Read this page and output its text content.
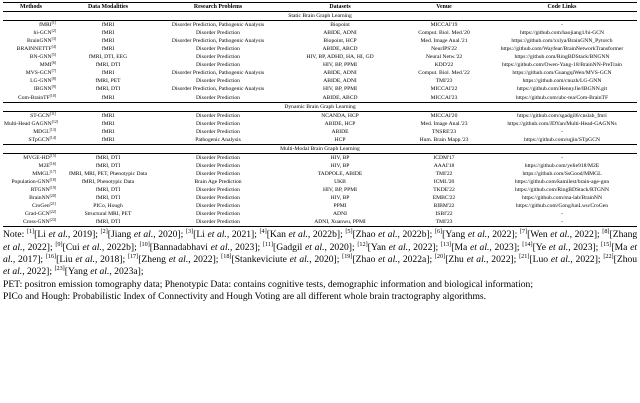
Methods	Data Modalities	Research Problems	Datasets	Venue	Code Links
Static Brain Graph Learning					
fMRI[1]	fMRI	Disorder Prediction, Pathogenic Analysis	Biopoint	MICCAI'19	-
hi-GCN[2]	fMRI	Disorder Prediction	ABIDE, ADNI	Comput. Biol. Med.'20	https://github.com/haojiang1/hi-GCN
BrainGNN[3]	fMRI	Disorder Prediction, Pathogenic Analysis	Biopoint, HCP	Med. Image Anal.'21	https://github.com/xxlya/BrainGNN_Pytorch
BRAINNETTF[4]	fMRI	Disorder Prediction	ABIDE, ABCD	NeurIPS'22	https://github.com/Wayfear/BrainNetworkTransformer
BN-GNN[5]	fMRI, DTI, EEG	Disorder Prediction	HIV, BP, ADHD, HA, HI, GD	Neural Netw.'22	https://github.com/RingBDStack/BNGNN
MMI[6]	fMRI, DTI	Disorder Prediction	HIV, BP, PPMI	KDD'22	https://github.com/Owen-Yang-18/BrainNN-PreTrain
MVS-GCN[7]	fMRI	Disorder Prediction, Pathogenic Analysis	ABIDE, ADNI	Comput. Biol. Med.'22	https://github.com/GuangqiWen/MVS-GCN
LG-GNN[8]	fMRI, PET	Disorder Prediction	ABIDE, ADNI	TMI'23	https://github.com/cnuzh/LG-GNN
IBGNN[9]	fMRI, DTI	Disorder Prediction, Pathogenic Analysis	HIV, BP, PPMI	MICCAI'22	https://github.com/HennyJie/IBGNN.git
Com-BrainTF[10]	fMRI	Disorder Prediction	ABIDE, ABCD	MICCAI'23	https://github.com/ubc-tea/Com-BrainTF
Dynamic Brain Graph Learning					
ST-GCN[11]	fMRI	Disorder Prediction	NCANDA, HCP	MICCAI'20	https://github.com/sgadgil6/cnslab_fmri
Multi-Head GAGNN[12]	fMRI	Disorder Prediction	ABIDE, HCP	Med. Image Anal.'23	https://github.com/JDYan/Multi-Head-GAGNNs
MDGL[13]	fMRI	Disorder Prediction	ABIDE	TNSRE'23	-
STpGCN[14]	fMRI	Pathogenic Analysis	HCP	Hum. Brain Mapp.'23	https://github.com/sqjin/STpGCN
Multi-Modal Brain Graph Learning					
MVGE-HD[15]	fMRI, DTI	Disorder Prediction	HIV, BP	ICDM'17	-
M2E[16]	fMRI, DTI	Disorder Prediction	HIV, BP	AAAI'18	https://github.com/yelie918/M2E
MMGL[17]	fMRI, MRI, PET, Phenotypic Data	Disorder Prediction	TADPOLE, ABIDE	TMI'22	https://github.com/SsGood/MMGL
Population-GNN[18]	fMRI, Phenotypic Data	Brain Age Prediction	UKB	ICML'20	https://github.com/kamilest/brain-age-gnn
RTGNN[19]	fMRI, DTI	Disorder Prediction	HIV, BP, PPMI	TKDE'22	https://github.com/RingBDStack/RTGNN
BrainNN[20]	fMRI, DTI	Disorder Prediction	HIV, BP	EMBC'22	https://github.com/ma-lab/BrainNN
CroGen[21]	PICo, Hough	Disorder Prediction	PPMI	BIBM'22	https://github.com/GongJunLwu/CroGen
Grad-GCN[22]	Structural MRI, PET	Disorder Prediction	ADNI	ISBI'22	-
Cross-GNN[23]	fMRI, DTI	Disorder Prediction	ADNI, Xuanwu, PPMI	TMI'23	-

Note: [1][Li et al., 2019]; [2][Jiang et al., 2020]; [3][Li et al., 2021]; [4][Kan et al., 2022b]; [5][Zhao et al., 2022b]; [6][Yang et al., 2022]; [7][Wen et al., 2022]; [8][Zhang et al., 2022]; [9][Cui et al., 2022b]; [10][Bannadabhavi et al., 2023]; [11][Gadgil et al., 2020]; [12][Yan et al., 2022]; [13][Ma et al., 2023]; [14][Ye et al., 2023]; [15][Ma et al., 2017]; [16][Liu et al., 2018]; [17][Zheng et al., 2022]; [18][Stankeviciute et al., 2020]; [19][Zhao et al., 2022a]; [20][Zhu et al., 2022]; [21][Luo et al., 2022]; [22][Zhou et al., 2022]; [23][Yang et al., 2023a];

PET: positron emission tomography data; Phenotypic Data: contains cognitive tests, demographic information and biological information;

PICo and Hough: Probabilistic Index of Connectivity and Hough Voting are all different whole brain tractography algorithms.
